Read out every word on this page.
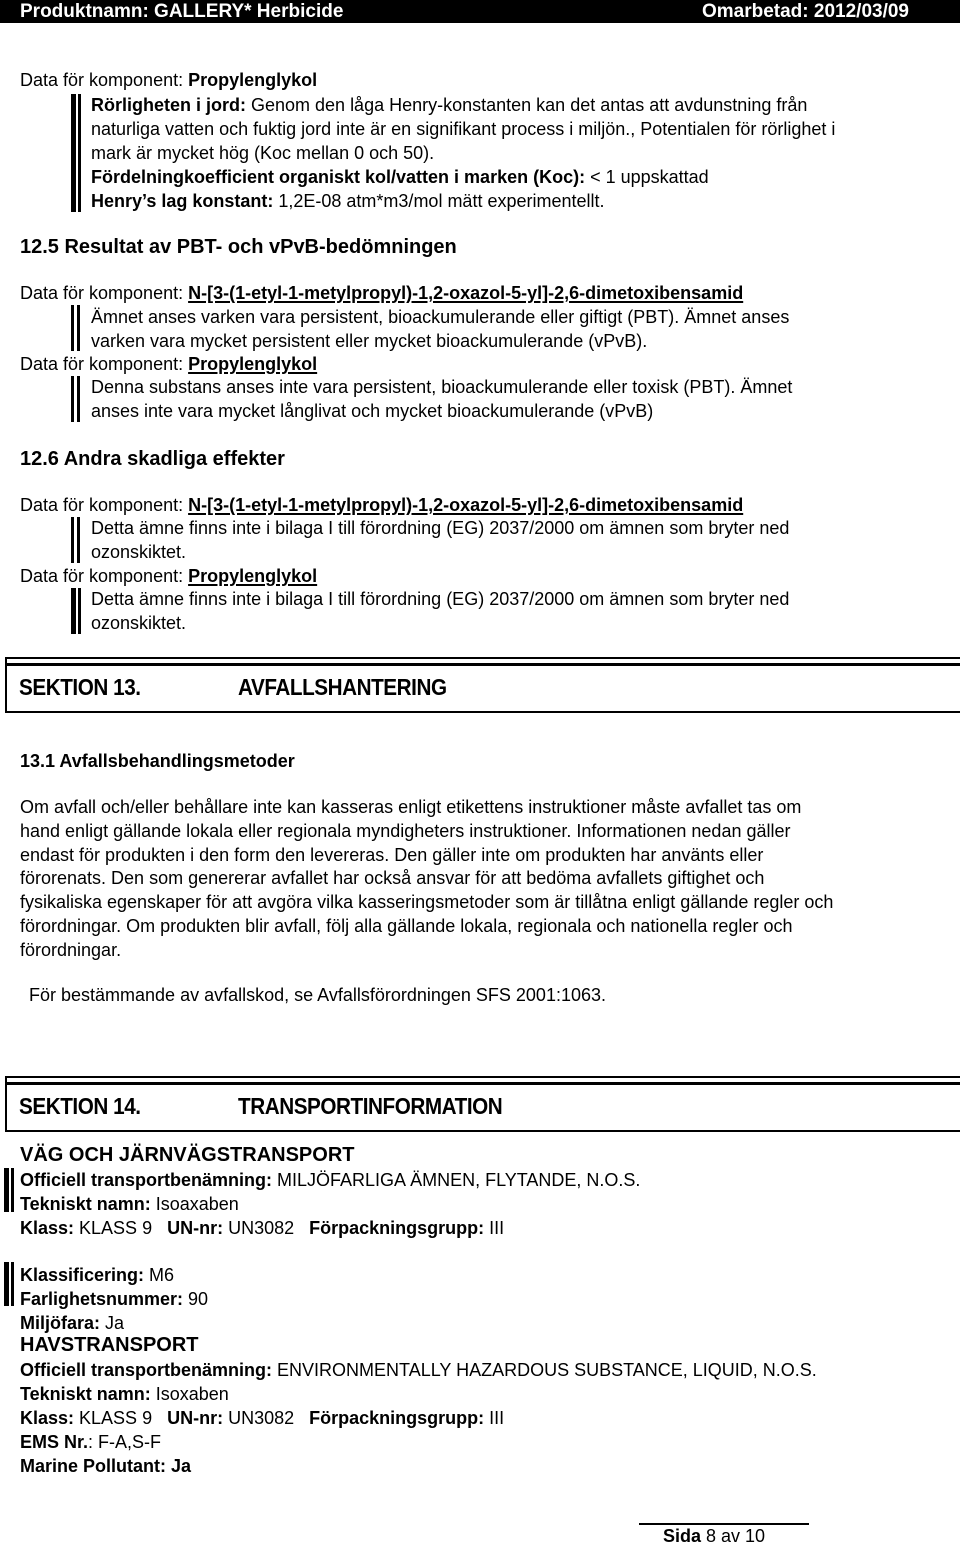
Produktnamn: GALLERY* Herbicide	Omarbetad: 2012/03/09
Data för komponent: Propylenglykol
Rörligheten i jord: Genom den låga Henry-konstanten kan det antas att avdunstning från
naturliga vatten och fuktig jord inte är en signifikant process i miljön., Potentialen för rörlighet i
mark är mycket hög (Koc mellan 0 och 50).
Fördelningkoefficient organiskt kol/vatten i marken (Koc): < 1 uppskattad
Henry’s lag konstant: 1,2E-08 atm*m3/mol mätt experimentellt.
12.5 Resultat av PBT- och vPvB-bedömningen
Data för komponent: N-[3-(1-etyl-1-metylpropyl)-1,2-oxazol-5-yl]-2,6-dimetoxibensamid
Ämnet anses varken vara persistent, bioackumulerande eller giftigt (PBT). Ämnet anses
varken vara mycket persistent eller mycket bioackumulerande (vPvB).
Data för komponent: Propylenglykol
Denna substans anses inte vara persistent, bioackumulerande eller toxisk (PBT). Ämnet
anses inte vara mycket långlivat och mycket bioackumulerande (vPvB)
12.6 Andra skadliga effekter
Data för komponent: N-[3-(1-etyl-1-metylpropyl)-1,2-oxazol-5-yl]-2,6-dimetoxibensamid
Detta ämne finns inte i bilaga I till förordning (EG) 2037/2000 om ämnen som bryter ned
ozonskiktet.
Data för komponent: Propylenglykol
Detta ämne finns inte i bilaga I till förordning (EG) 2037/2000 om ämnen som bryter ned
ozonskiktet.
SEKTION 13.	AVFALLSHANTERING
13.1 Avfallsbehandlingsmetoder
Om avfall och/eller behållare inte kan kasseras enligt etikettens instruktioner måste avfallet tas om
hand enligt gällande lokala eller regionala myndigheters instruktioner. Informationen nedan gäller
endast för produkten i den form den levereras. Den gäller inte om produkten har använts eller
förorenats. Den som genererar avfallet har också ansvar för att bedöma avfallets giftighet och
fysikaliska egenskaper för att avgöra vilka kasseringsmetoder som är tillåtna enligt gällande regler och
förordningar. Om produkten blir avfall, följ alla gällande lokala, regionala och nationella regler och
förordningar.
För bestämmande av avfallskod, se Avfallsförordningen SFS 2001:1063.
SEKTION 14.	TRANSPORTINFORMATION
VÄG OCH JÄRNVÄGSTRANSPORT
Officiell transportbenämning: MILJÖFARLIGA ÄMNEN, FLYTANDE, N.O.S.
Tekniskt namn: Isoaxaben
Klass: KLASS 9   UN-nr: UN3082   Förpackningsgrupp: III
Klassificering: M6
Farlighetsnummer: 90
Miljöfara: Ja
HAVSTRANSPORT
Officiell transportbenämning: ENVIRONMENTALLY HAZARDOUS SUBSTANCE, LIQUID, N.O.S.
Tekniskt namn: Isoxaben
Klass: KLASS 9   UN-nr: UN3082   Förpackningsgrupp: III
EMS Nr.: F-A,S-F
Marine Pollutant: Ja
Sida 8 av 10
